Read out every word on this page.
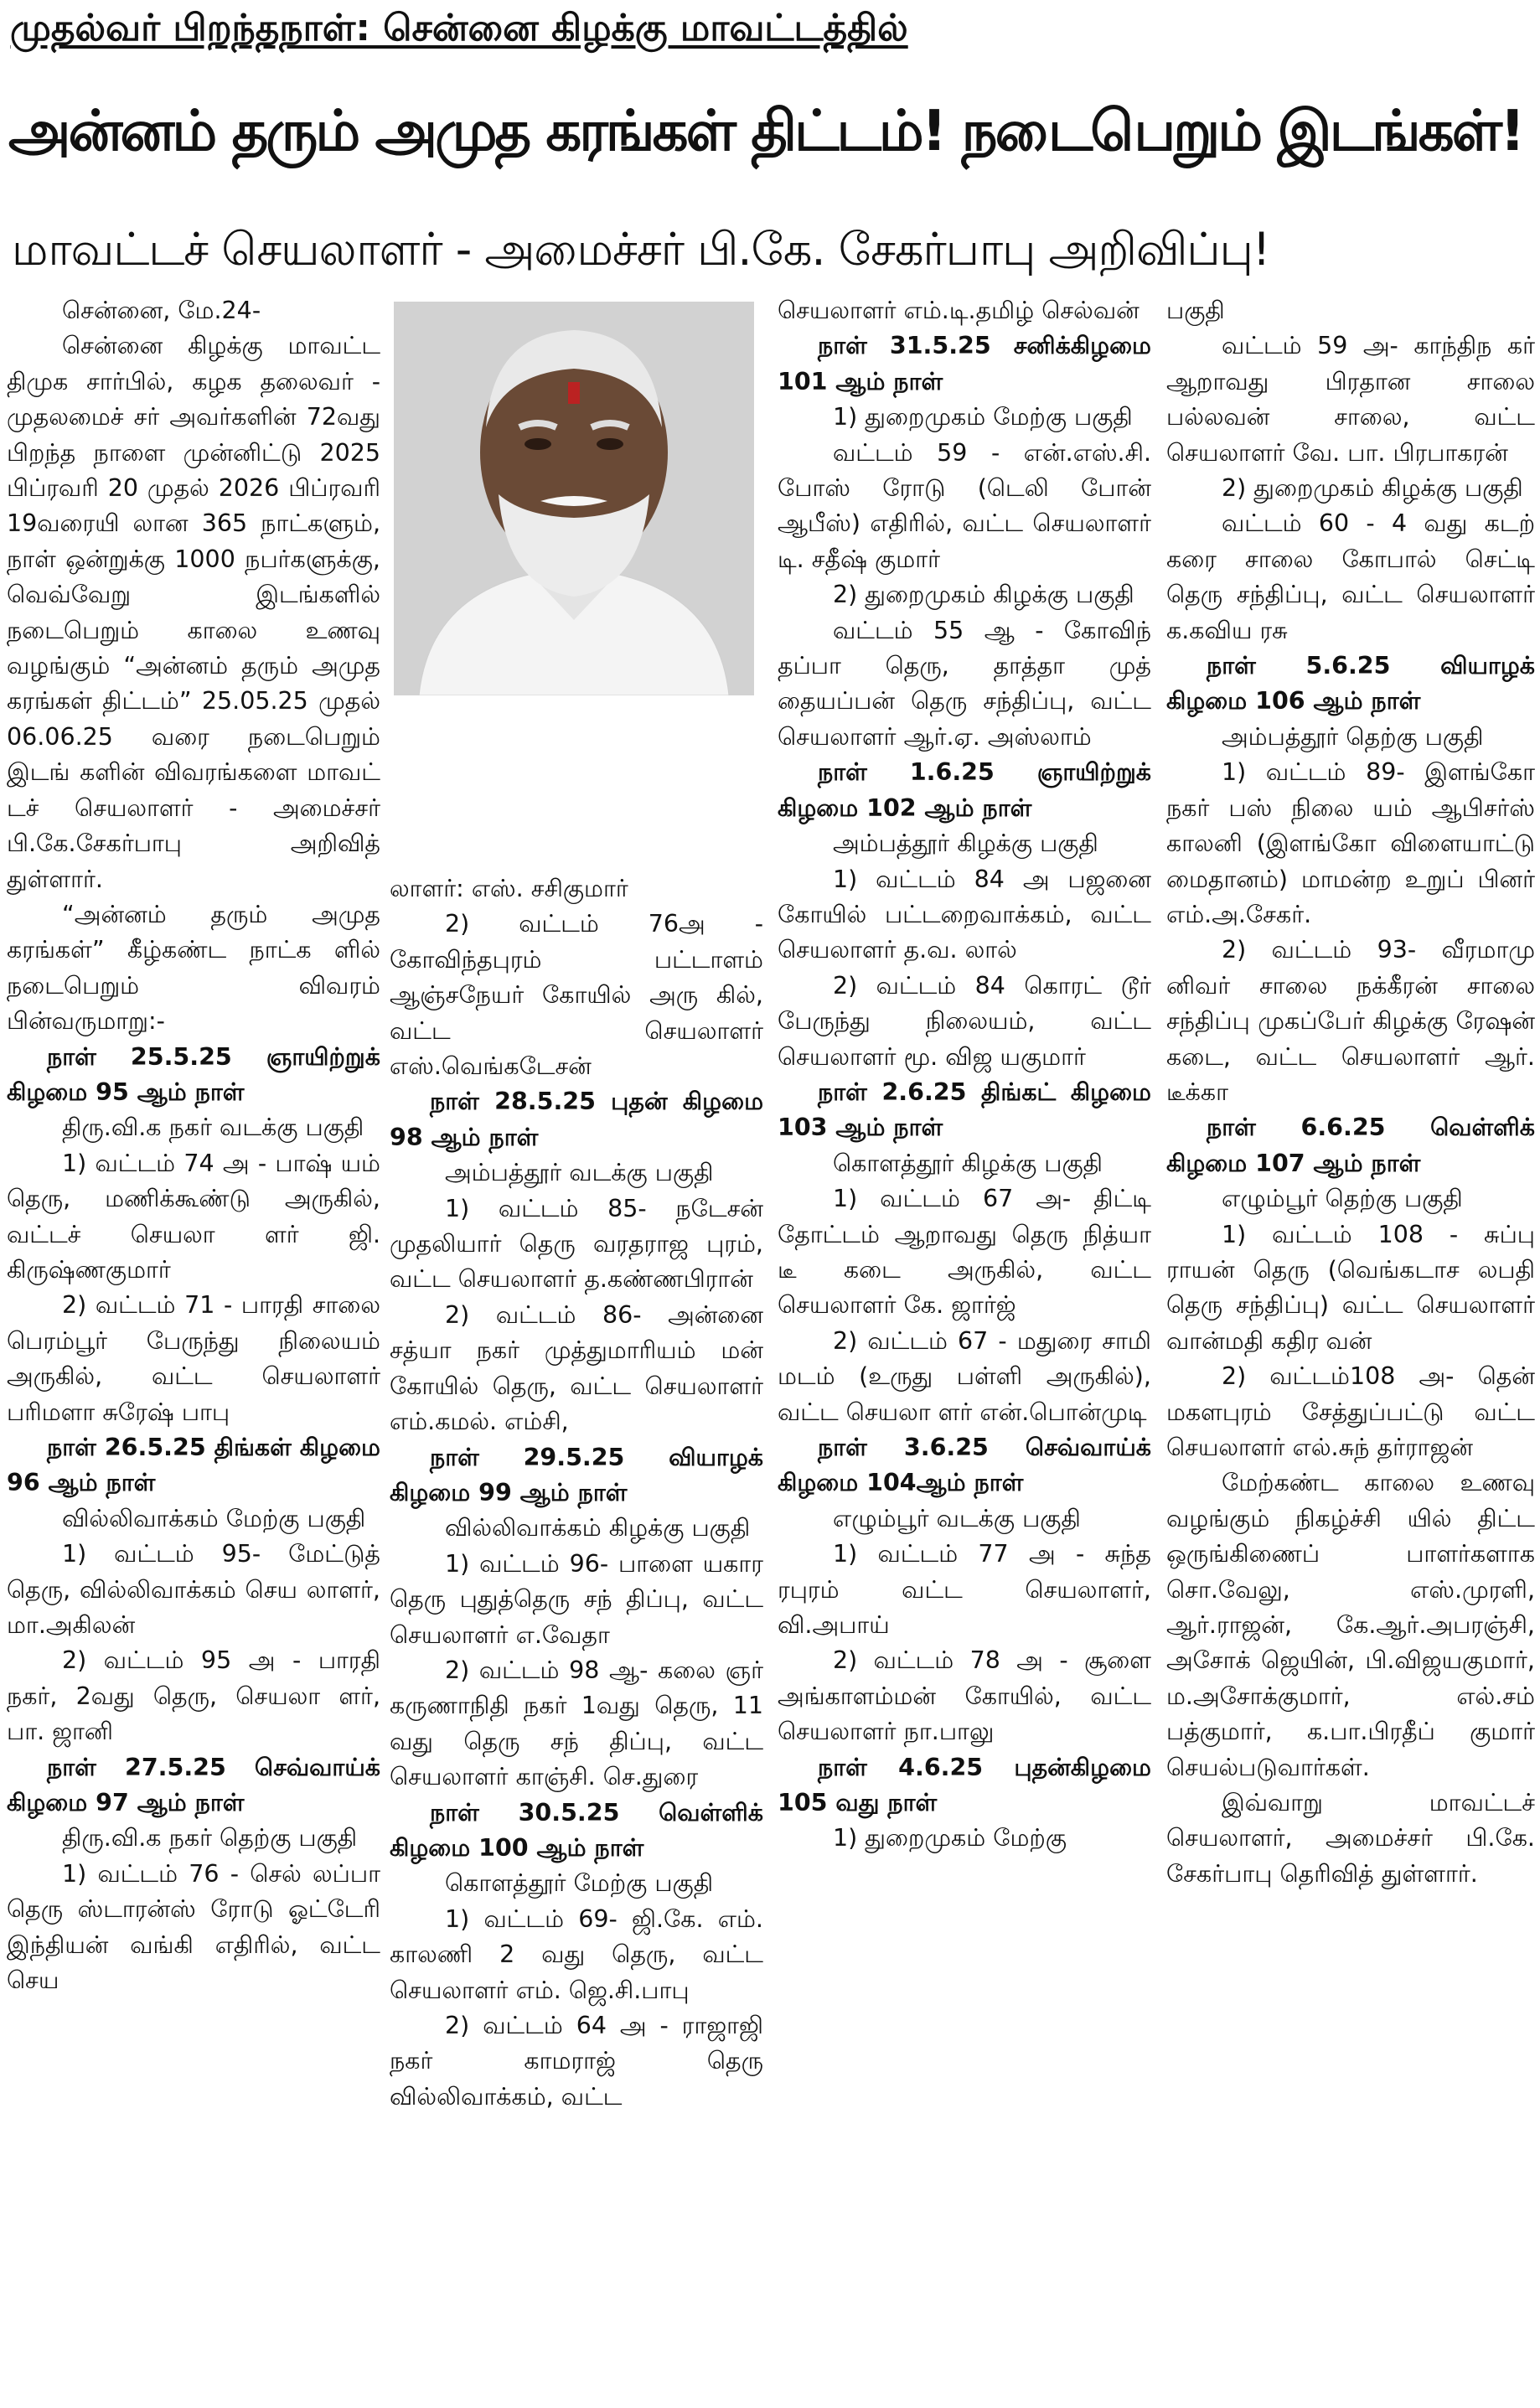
முதல்வர் பிறந்தநாள்: சென்னை கிழக்கு மாவட்டத்தில்
அன்னம் தரும் அமுத கரங்கள் திட்டம்! நடைபெறும் இடங்கள்!
மாவட்டச் செயலாளர் - அமைச்சர் பி.கே. சேகர்பாபு அறிவிப்பு!

சென்னை, மே.24-

சென்னை கிழக்கு மாவட்ட திமுக சார்பில், கழக தலைவர் - முதலமைச் சர் அவர்களின் 72வது பிறந்த நாளை முன்னிட்டு 2025 பிப்ரவரி 20 முதல் 2026 பிப்ரவரி 19வரையி லான 365 நாட்களும், நாள் ஒன்றுக்கு 1000 நபர்களுக்கு, வெவ்வேறு இடங்களில் நடைபெறும் காலை உணவு வழங்கும் “அன்னம் தரும் அமுத கரங்கள் திட்டம்” 25.05.25 முதல் 06.06.25 வரை நடைபெறும் இடங் களின் விவரங்களை மாவட் டச் செயலாளர் - அமைச்சர் பி.கே.சேகர்பாபு அறிவித் துள்ளார்.

“அன்னம் தரும் அமுத கரங்கள்” கீழ்கண்ட நாட்க ளில் நடைபெறும் விவரம் பின்வருமாறு:-

நாள் 25.5.25 ஞாயிற்றுக் கிழமை 95 ஆம் நாள்

திரு.வி.க நகர் வடக்கு பகுதி

1) வட்டம் 74 அ - பாஷ் யம் தெரு, மணிக்கூண்டு அருகில், வட்டச் செயலா ளர் ஜி. கிருஷ்ணகுமார்

2) வட்டம் 71 - பாரதி சாலை பெரம்பூர் பேருந்து நிலையம் அருகில், வட்ட செயலாளர் பரிமளா சுரேஷ் பாபு

நாள் 26.5.25 திங்கள் கிழமை 96 ஆம் நாள்

வில்லிவாக்கம் மேற்கு பகுதி

1) வட்டம் 95- மேட்டுத் தெரு, வில்லிவாக்கம் செய லாளர், மா.அகிலன்

2) வட்டம் 95 அ - பாரதி நகர், 2வது தெரு, செயலா ளர், பா. ஜானி

நாள் 27.5.25 செவ்வாய்க் கிழமை 97 ஆம் நாள்

திரு.வி.க நகர் தெற்கு பகுதி

1) வட்டம் 76 - செல் லப்பா தெரு ஸ்டாரன்ஸ் ரோடு ஓட்டேரி இந்தியன் வங்கி எதிரில், வட்ட செய

லாளர்: எஸ். சசிகுமார்

2) வட்டம் 76அ - கோவிந்தபுரம் பட்டாளம் ஆஞ்சநேயர் கோயில் அரு கில், வட்ட செயலாளர் எஸ்.வெங்கடேசன்

நாள் 28.5.25 புதன் கிழமை 98 ஆம் நாள்

அம்பத்தூர் வடக்கு பகுதி

1) வட்டம் 85- நடேசன் முதலியார் தெரு வரதராஜ புரம், வட்ட செயலாளர் த.கண்ணபிரான்

2) வட்டம் 86- அன்னை சத்யா நகர் முத்துமாரியம் மன் கோயில் தெரு, வட்ட செயலாளர் எம்.கமல். எம்சி,

நாள் 29.5.25 வியாழக் கிழமை 99 ஆம் நாள்

வில்லிவாக்கம் கிழக்கு பகுதி

1) வட்டம் 96- பாளை யகார தெரு புதுத்தெரு சந் திப்பு, வட்ட செயலாளர் எ.வேதா

2) வட்டம் 98 ஆ- கலை ஞர் கருணாநிதி நகர் 1வது தெரு, 11 வது தெரு சந் திப்பு, வட்ட செயலாளர் காஞ்சி. செ.துரை

நாள் 30.5.25 வெள்ளிக் கிழமை 100 ஆம் நாள்

கொளத்தூர் மேற்கு பகுதி

1) வட்டம் 69- ஜி.கே. எம். காலணி 2 வது தெரு, வட்ட செயலாளர் எம். ஜெ.சி.பாபு

2) வட்டம் 64 அ - ராஜாஜி நகர் காமராஜ் தெரு வில்லிவாக்கம், வட்ட

செயலாளர் எம்.டி.தமிழ் செல்வன்

நாள் 31.5.25 சனிக்கிழமை 101 ஆம் நாள்

1) துறைமுகம் மேற்கு பகுதி

வட்டம் 59 - என்.எஸ்.சி. போஸ் ரோடு (டெலி போன் ஆபீஸ்) எதிரில், வட்ட செயலாளர் டி. சதீஷ் குமார்

2) துறைமுகம் கிழக்கு பகுதி

வட்டம் 55 ஆ - கோவிந் தப்பா தெரு, தாத்தா முத் தையப்பன் தெரு சந்திப்பு, வட்ட செயலாளர் ஆர்.ஏ. அஸ்லாம்

நாள் 1.6.25 ஞாயிற்றுக் கிழமை 102 ஆம் நாள்

அம்பத்தூர் கிழக்கு பகுதி

1) வட்டம் 84 அ பஜனை கோயில் பட்டறைவாக்கம், வட்ட செயலாளர் த.வ. லால்

2) வட்டம் 84 கொரட் டூர் பேருந்து நிலையம், வட்ட செயலாளர் மூ. விஜ யகுமார்

நாள் 2.6.25 திங்கட் கிழமை 103 ஆம் நாள்

கொளத்தூர் கிழக்கு பகுதி

1) வட்டம் 67 அ- திட்டி தோட்டம் ஆறாவது தெரு நித்யா டீ கடை அருகில், வட்ட செயலாளர் கே. ஜார்ஜ்

2) வட்டம் 67 - மதுரை சாமி மடம் (உருது பள்ளி அருகில்), வட்ட செயலா ளர் என்.பொன்முடி

நாள் 3.6.25 செவ்வாய்க் கிழமை 104ஆம் நாள்

எழும்பூர் வடக்கு பகுதி

1) வட்டம் 77 அ - சுந்த ரபுரம் வட்ட செயலாளர், வி.அபாய்

2) வட்டம் 78 அ - சூளை அங்காளம்மன் கோயில், வட்ட செயலாளர் நா.பாலு

நாள் 4.6.25 புதன்கிழமை 105 வது நாள்

1) துறைமுகம் மேற்கு

பகுதி

வட்டம் 59 அ- காந்திந கர் ஆறாவது பிரதான சாலை பல்லவன் சாலை, வட்ட செயலாளர் வே. பா. பிரபாகரன்

2) துறைமுகம் கிழக்கு பகுதி

வட்டம் 60 - 4 வது கடற் கரை சாலை கோபால் செட்டி தெரு சந்திப்பு, வட்ட செயலாளர் க.கவிய ரசு

நாள் 5.6.25 வியாழக் கிழமை 106 ஆம் நாள்

அம்பத்தூர் தெற்கு பகுதி

1) வட்டம் 89- இளங்கோ நகர் பஸ் நிலை யம் ஆபிசர்ஸ் காலனி (இளங்கோ விளையாட்டு மைதானம்) மாமன்ற உறுப் பினர் எம்.அ.சேகர்.

2) வட்டம் 93- வீரமாமு னிவர் சாலை நக்கீரன் சாலை சந்திப்பு முகப்பேர் கிழக்கு ரேஷன் கடை, வட்ட செயலாளர் ஆர். டீக்கா

நாள் 6.6.25 வெள்ளிக் கிழமை 107 ஆம் நாள்

எழும்பூர் தெற்கு பகுதி

1) வட்டம் 108 - சுப்பு ராயன் தெரு (வெங்கடாச லபதி தெரு சந்திப்பு) வட்ட செயலாளர் வான்மதி கதிர வன்

2) வட்டம்108 அ- தென் மகளபுரம் சேத்துப்பட்டு வட்ட செயலாளர் எல்.சுந் தர்ராஜன்

மேற்கண்ட காலை உணவு வழங்கும் நிகழ்ச்சி யில் திட்ட ஒருங்கிணைப் பாளர்களாக சொ.வேலு, எஸ்.முரளி, ஆர்.ராஜன், கே.ஆர்.அபரஞ்சி, அசோக் ஜெயின், பி.விஜயகுமார், ம.அசோக்குமார், எல்.சம் பத்குமார், க.பா.பிரதீப் குமார் செயல்படுவார்கள்.

இவ்வாறு மாவட்டச் செயலாளர், அமைச்சர் பி.கே. சேகர்பாபு தெரிவித் துள்ளார்.
